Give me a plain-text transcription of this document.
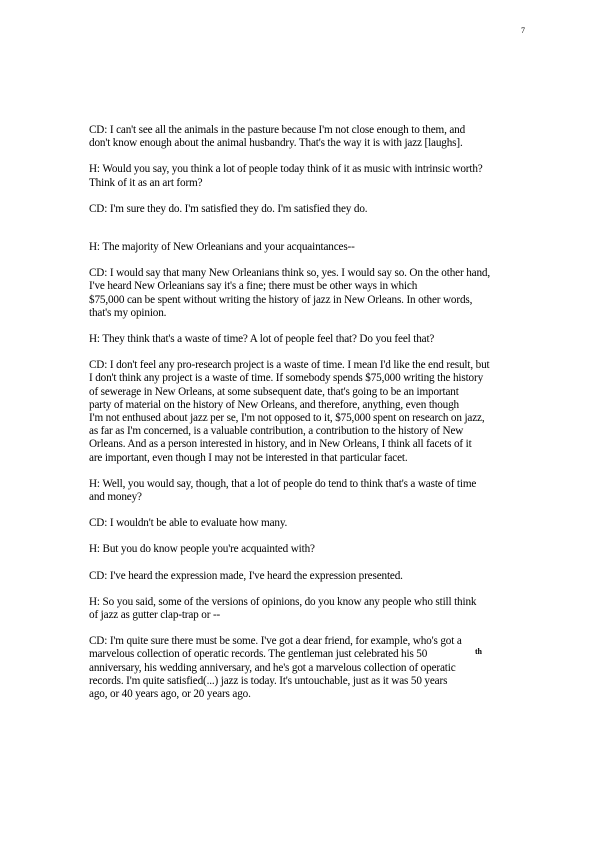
7

CD: I can't see all the animals in the pasture because I'm not close enough to them, and
don't know enough about the animal husbandry. That's the way it is with jazz [laughs].

H: Would you say, you think a lot of people today think of it as music with intrinsic worth?
Think of it as an art form?

CD: I'm sure they do. I'm satisfied they do. I'm satisfied they do.

H: The majority of New Orleanians and your acquaintances--

CD: I would say that many New Orleanians think so, yes. I would say so. On the other hand,
I've heard New Orleanians say it's a fine; there must be other ways in which
$75,000 can be spent without writing the history of jazz in New Orleans. In other words,
that's my opinion.

H: They think that's a waste of time? A lot of people feel that? Do you feel that?

CD: I don't feel any pro-research project is a waste of time. I mean I'd like the end result, but
I don't think any project is a waste of time. If somebody spends $75,000 writing the history
of sewerage in New Orleans, at some subsequent date, that's going to be an important
party of material on the history of New Orleans, and therefore, anything, even though
I'm not enthused about jazz per se, I'm not opposed to it, $75,000 spent on research on jazz,
as far as I'm concerned, is a valuable contribution, a contribution to the history of New
Orleans. And as a person interested in history, and in New Orleans, I think all facets of it
are important, even though I may not be interested in that particular facet.

H: Well, you would say, though, that a lot of people do tend to think that's a waste of time
and money?

CD: I wouldn't be able to evaluate how many.

H: But you do know people you're acquainted with?

CD: I've heard the expression made, I've heard the expression presented.

H: So you said, some of the versions of opinions, do you know any people who still think
of jazz as gutter clap-trap or --

CD: I'm quite sure there must be some. I've got a dear friend, for example, who's got a
th
marvelous collection of operatic records. The gentleman just celebrated his 50
anniversary, his wedding anniversary, and he's got a marvelous collection of operatic
records. I'm quite satisfied(...) jazz is today. It's untouchable, just as it was 50 years
ago, or 40 years ago, or 20 years ago.
